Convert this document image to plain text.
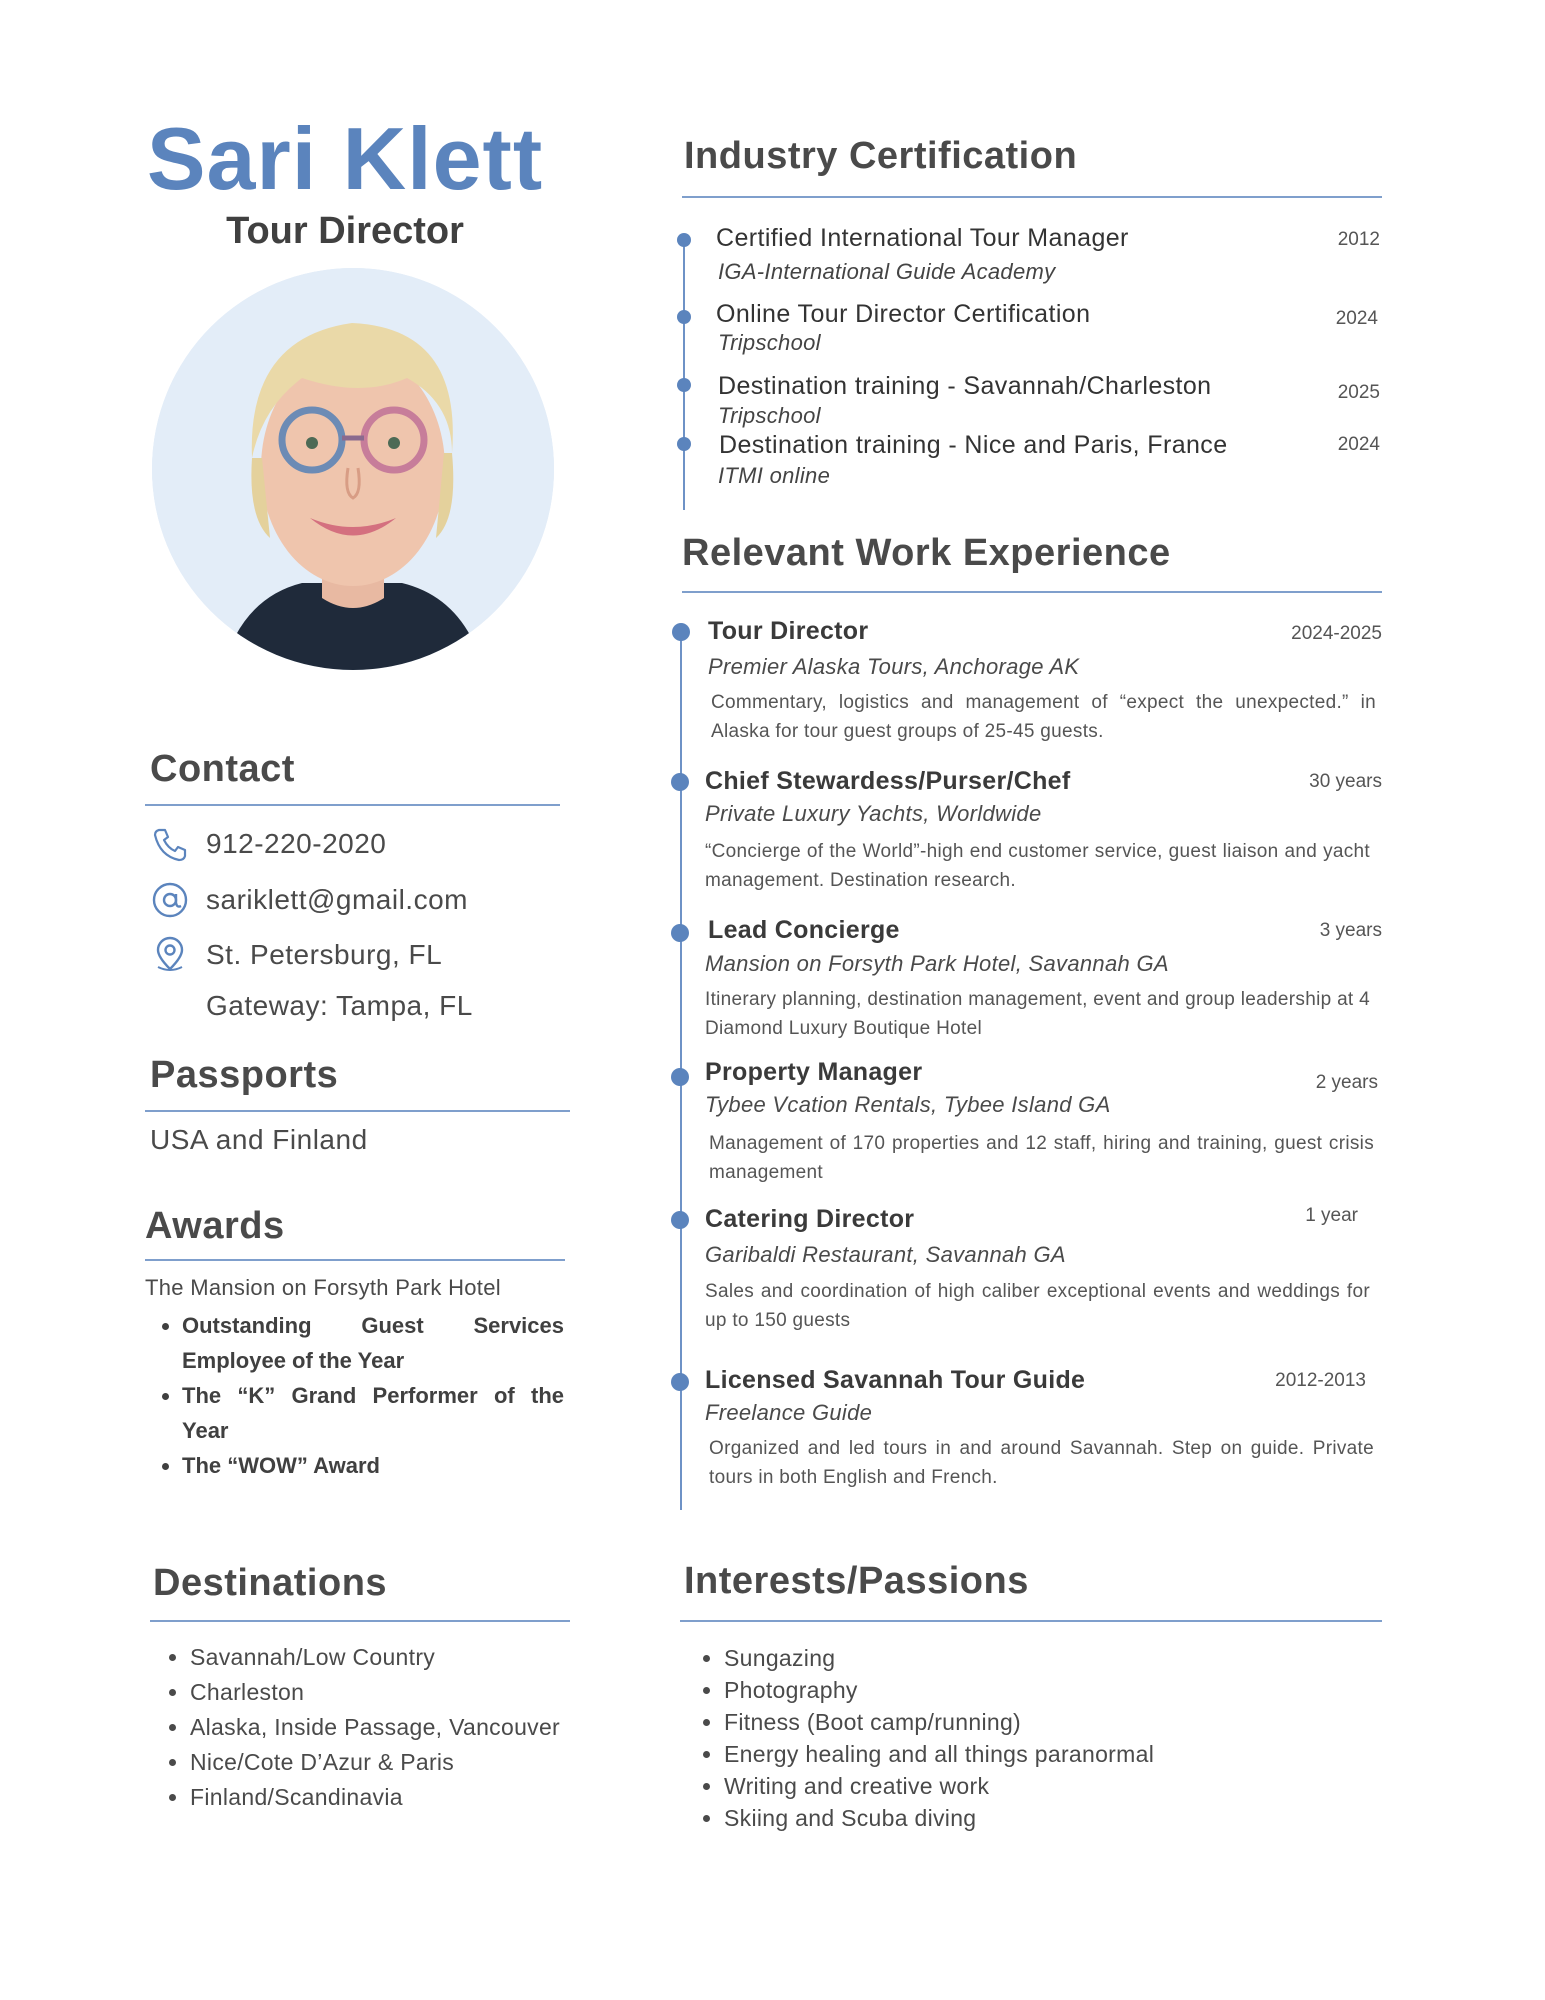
Sari Klett
Tour Director
Contact
912-220-2020
sariklett@gmail.com
St. Petersburg, FL
Gateway: Tampa, FL
Passports
USA and Finland
Awards
The Mansion on Forsyth Park Hotel
• Outstanding Guest Services Employee of the Year
• The “K” Grand Performer of the Year
• The “WOW” Award
Destinations
• Savannah/Low Country
• Charleston
• Alaska, Inside Passage, Vancouver
• Nice/Cote D’Azur & Paris
• Finland/Scandinavia
Industry Certification
Certified International Tour Manager
IGA-International Guide Academy
2012
Online Tour Director Certification
Tripschool
2024
Destination training - Savannah/Charleston
Tripschool
2025
Destination training - Nice and Paris, France
ITMI online
2024
Relevant Work Experience
Tour Director	2024-2025
Premier Alaska Tours, Anchorage AK
Commentary, logistics and management of “expect the unexpected.” in Alaska for tour guest groups of 25-45 guests.
Chief Stewardess/Purser/Chef	30 years
Private Luxury Yachts, Worldwide
“Concierge of the World”-high end customer service, guest liaison and yacht management. Destination research.
Lead Concierge	3 years
Mansion on Forsyth Park Hotel, Savannah GA
Itinerary planning, destination management, event and group leadership at 4 Diamond Luxury Boutique Hotel
Property Manager	2 years
Tybee Vcation Rentals, Tybee Island GA
Management of 170 properties and 12 staff, hiring and training, guest crisis management
Catering Director	1 year
Garibaldi Restaurant, Savannah GA
Sales and coordination of high caliber exceptional events and weddings for up to 150 guests
Licensed Savannah Tour Guide	2012-2013
Freelance Guide
Organized and led tours in and around Savannah. Step on guide. Private tours in both English and French.
Interests/Passions
• Sungazing
• Photography
• Fitness (Boot camp/running)
• Energy healing and all things paranormal
• Writing and creative work
• Skiing and Scuba diving
